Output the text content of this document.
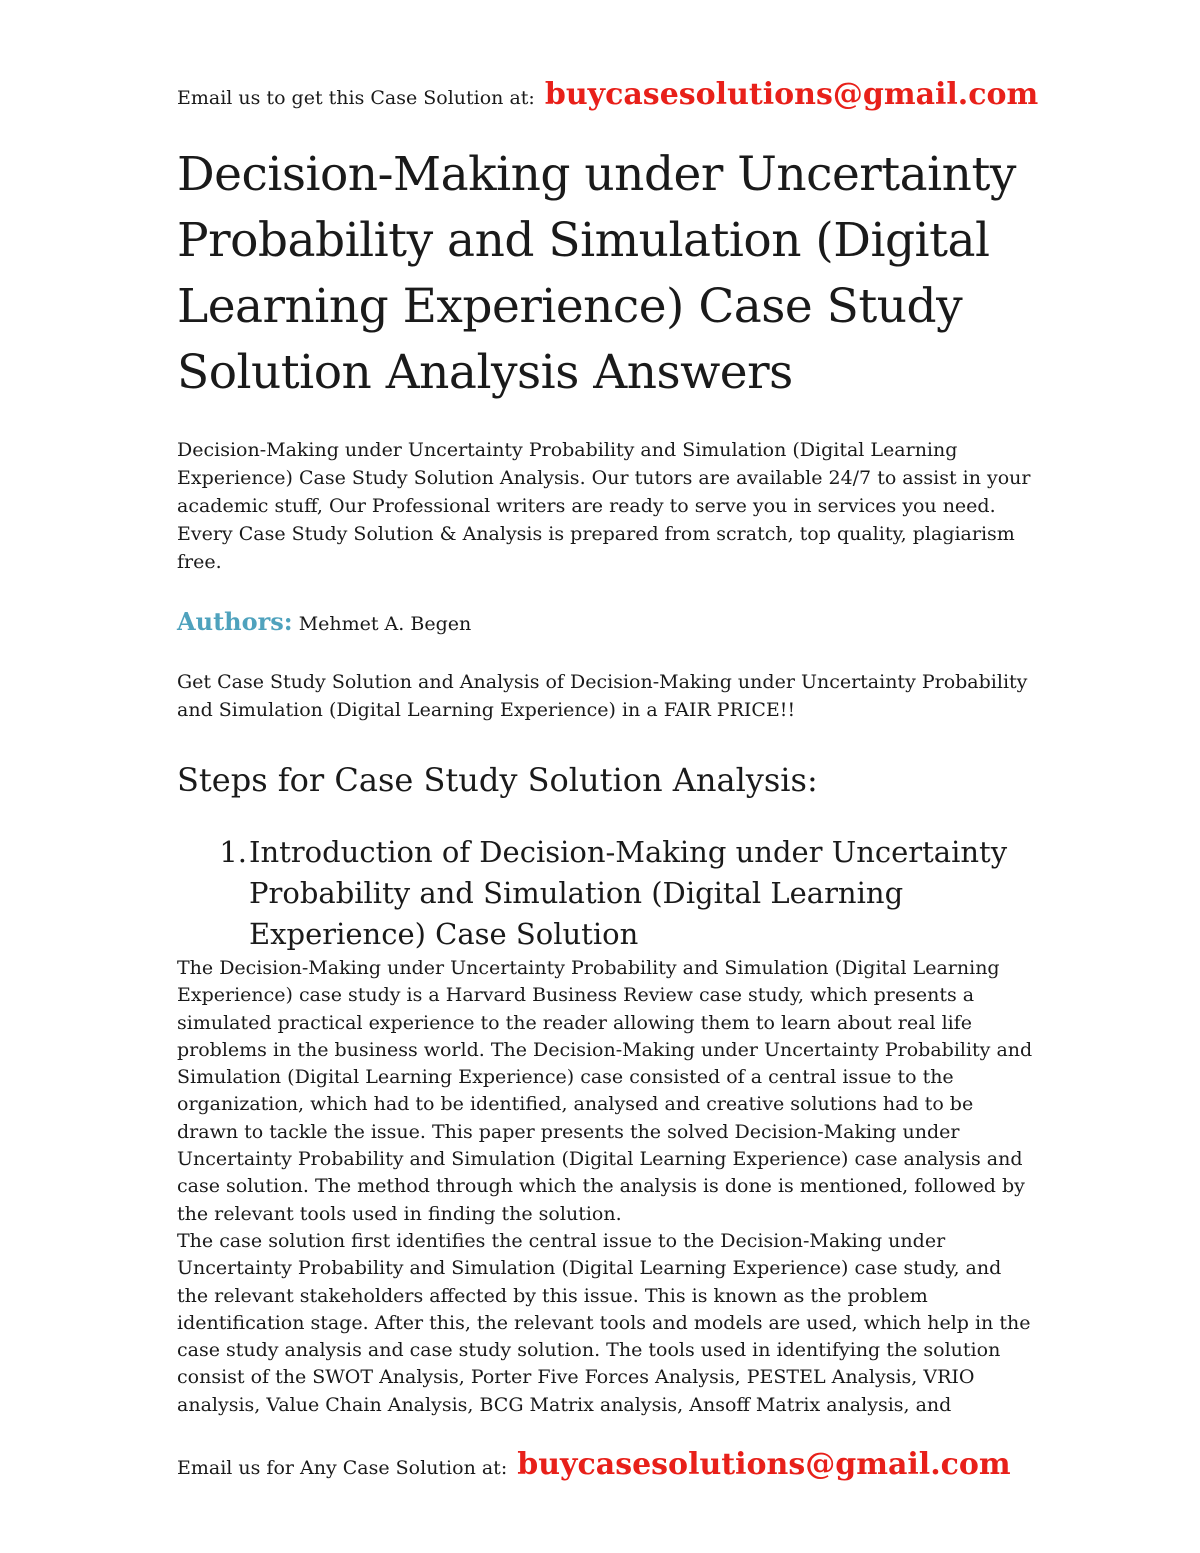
Email us to get this Case Solution at: buycasesolutions@gmail.com
Decision-Making under Uncertainty Probability and Simulation (Digital Learning Experience) Case Study Solution Analysis Answers

Decision-Making under Uncertainty Probability and Simulation (Digital Learning Experience) Case Study Solution Analysis. Our tutors are available 24/7 to assist in your academic stuff, Our Professional writers are ready to serve you in services you need. Every Case Study Solution & Analysis is prepared from scratch, top quality, plagiarism free.

Authors: Mehmet A. Begen

Get Case Study Solution and Analysis of Decision-Making under Uncertainty Probability and Simulation (Digital Learning Experience) in a FAIR PRICE!!

Steps for Case Study Solution Analysis:
1. Introduction of Decision-Making under Uncertainty Probability and Simulation (Digital Learning Experience) Case Solution

The Decision-Making under Uncertainty Probability and Simulation (Digital Learning Experience) case study is a Harvard Business Review case study, which presents a simulated practical experience to the reader allowing them to learn about real life problems in the business world. The Decision-Making under Uncertainty Probability and Simulation (Digital Learning Experience) case consisted of a central issue to the organization, which had to be identified, analysed and creative solutions had to be drawn to tackle the issue. This paper presents the solved Decision-Making under Uncertainty Probability and Simulation (Digital Learning Experience) case analysis and case solution. The method through which the analysis is done is mentioned, followed by the relevant tools used in finding the solution.

The case solution first identifies the central issue to the Decision-Making under Uncertainty Probability and Simulation (Digital Learning Experience) case study, and the relevant stakeholders affected by this issue. This is known as the problem identification stage. After this, the relevant tools and models are used, which help in the case study analysis and case study solution. The tools used in identifying the solution consist of the SWOT Analysis, Porter Five Forces Analysis, PESTEL Analysis, VRIO analysis, Value Chain Analysis, BCG Matrix analysis, Ansoff Matrix analysis, and

Email us for Any Case Solution at: buycasesolutions@gmail.com
